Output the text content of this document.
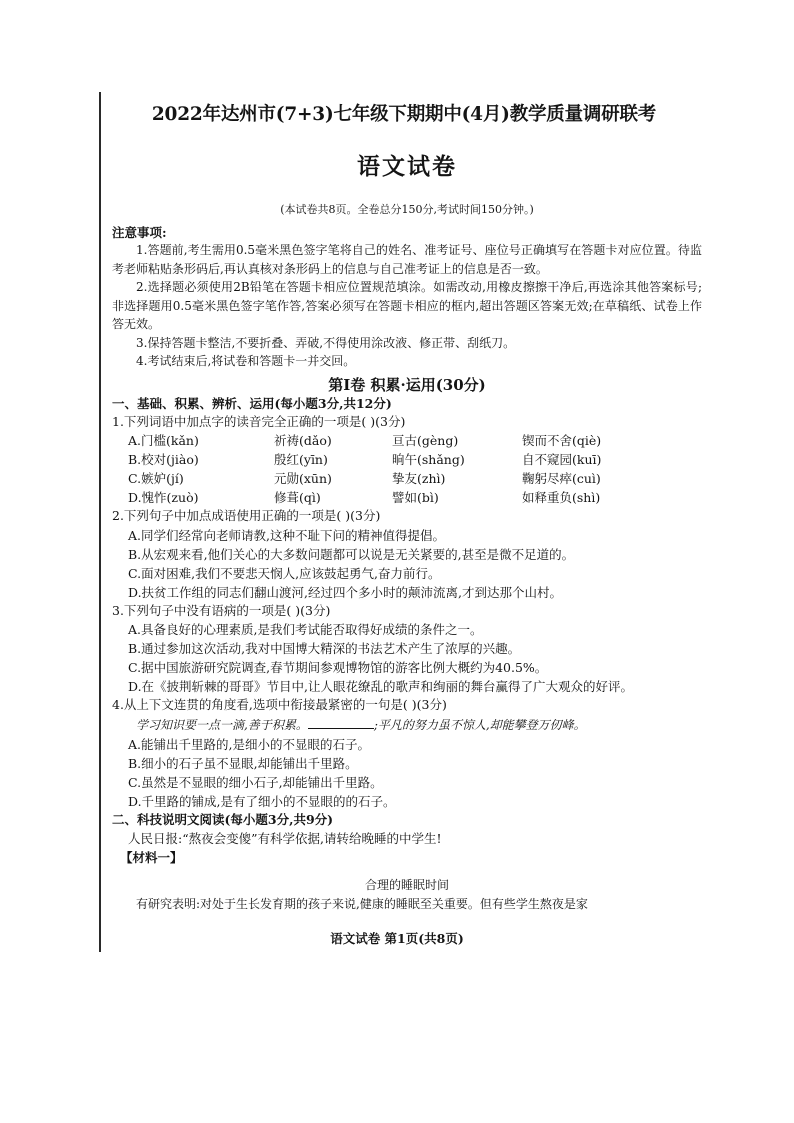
2022年达州市(7+3)七年级下期期中(4月)教学质量调研联考
语文试卷
(本试卷共8页。全卷总分150分,考试时间150分钟。)
注意事项:

1.答题前,考生需用0.5毫米黑色签字笔将自己的姓名、准考证号、座位号正确填写在答题卡对应位置。待监考老师粘贴条形码后,再认真核对条形码上的信息与自己准考证上的信息是否一致。

2.选择题必须使用2B铅笔在答题卡相应位置规范填涂。如需改动,用橡皮擦擦干净后,再选涂其他答案标号;非选择题用0.5毫米黑色签字笔作答,答案必须写在答题卡相应的框内,超出答题区答案无效;在草稿纸、试卷上作答无效。

3.保持答题卡整洁,不要折叠、弄破,不得使用涂改液、修正带、刮纸刀。

4.考试结束后,将试卷和答题卡一并交回。

第Ⅰ卷 积累·运用(30分)

一、基础、积累、辨析、运用(每小题3分,共12分)

1.下列词语中加点字的读音完全正确的一项是( )(3分)

A.门槛(kǎn)	祈祷(dǎo)	亘古(gèng)	锲而不舍(qiè)
B.校对(jiào)	殷红(yīn)	晌午(shǎng)	自不窥园(kuī)
C.嫉妒(jí)	元勋(xūn)	挚友(zhì)	鞠躬尽瘁(cuì)
D.愧怍(zuò)	修葺(qì)	譬如(bì)	如释重负(shì)

2.下列句子中加点成语使用正确的一项是( )(3分)

A.同学们经常向老师请教,这种不耻下问的精神值得提倡。

B.从宏观来看,他们关心的大多数问题都可以说是无关紧要的,甚至是微不足道的。

C.面对困难,我们不要悲天悯人,应该鼓起勇气,奋力前行。

D.扶贫工作组的同志们翻山渡河,经过四个多小时的颠沛流离,才到达那个山村。

3.下列句子中没有语病的一项是( )(3分)

A.具备良好的心理素质,是我们考试能否取得好成绩的条件之一。

B.通过参加这次活动,我对中国博大精深的书法艺术产生了浓厚的兴趣。

C.据中国旅游研究院调查,春节期间参观博物馆的游客比例大概约为40.5%。

D.在《披荆斩棘的哥哥》节目中,让人眼花缭乱的歌声和绚丽的舞台赢得了广大观众的好评。

4.从上下文连贯的角度看,选项中衔接最紧密的一句是( )(3分)

学习知识要一点一滴,善于积累。	;平凡的努力虽不惊人,却能攀登万仞峰。

A.能铺出千里路的,是细小的不显眼的石子。

B.细小的石子虽不显眼,却能铺出千里路。

C.虽然是不显眼的细小石子,却能铺出千里路。

D.千里路的铺成,是有了细小的不显眼的的石子。

二、科技说明文阅读(每小题3分,共9分)

人民日报:“熬夜会变傻”有科学依据,请转给晚睡的中学生!

【材料一】

合理的睡眠时间

有研究表明:对处于生长发育期的孩子来说,健康的睡眠至关重要。但有些学生熬夜是家

语文试卷 第1页(共8页)
